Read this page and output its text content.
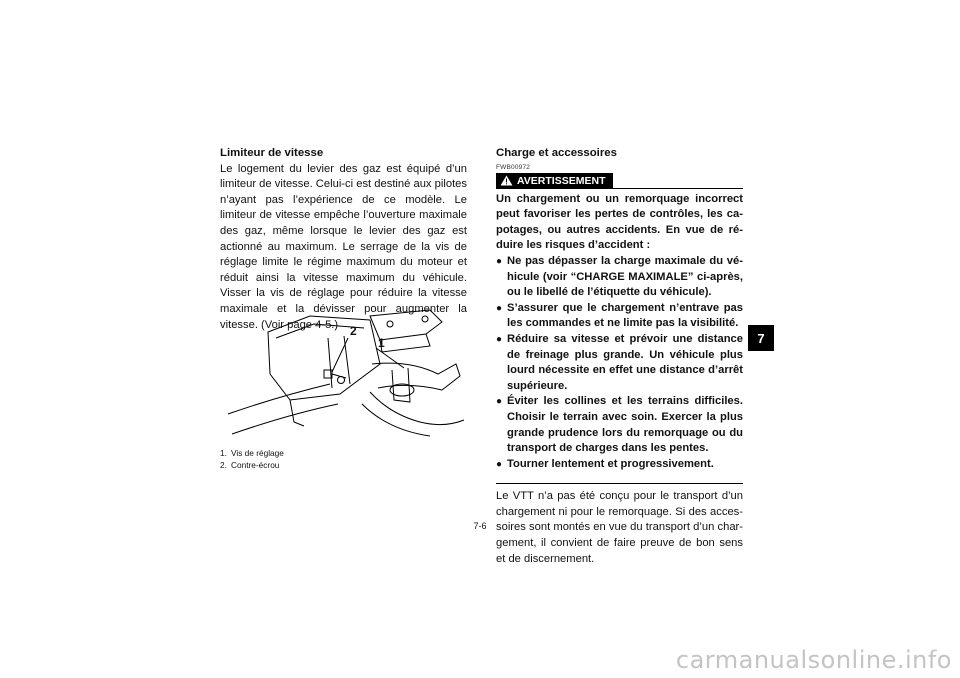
Limiteur de vitesse
Le logement du levier des gaz est équipé d’un limiteur de vitesse. Celui-ci est destiné aux pilotes n’ayant pas l’expérience de ce modèle. Le limiteur de vitesse empêche l’ouverture maximale des gaz, même lorsque le levier des gaz est actionné au maximum. Le serrage de la vis de réglage limite le régime maximum du moteur et réduit ainsi la vitesse maximum du véhicule. Visser la vis de réglage pour réduire la vitesse maximale et la dévisser pour augmenter la vitesse. (Voir page 4-5.) 2
1
1. Vis de réglage
2. Contre-écrou
Charge et accessoires
FWB00972
AVERTISSEMENT
Un chargement ou un remorquage incorrect peut favoriser les pertes de contrôles, les capotages, ou autres accidents. En vue de réduire les risques d’accident :
● Ne pas dépasser la charge maximale du véhicule (voir “CHARGE MAXIMALE” ci-après, ou le libellé de l’étiquette du véhicule).
● S’assurer que le chargement n’entrave pas les commandes et ne limite pas la visibilité.
● Réduire sa vitesse et prévoir une distance de freinage plus grande. Un véhicule plus lourd nécessite en effet une distance d’arrêt supérieure.
● Éviter les collines et les terrains difficiles. Choisir le terrain avec soin. Exercer la plus grande prudence lors du remorquage ou du transport de charges dans les pentes.
● Tourner lentement et progressivement.
Le VTT n’a pas été conçu pour le transport d’un chargement ni pour le remorquage. Si des accessoires sont montés en vue du transport d’un chargement, il convient de faire preuve de bon sens et de discernement.
7
7-6
carmanualsonline.info
